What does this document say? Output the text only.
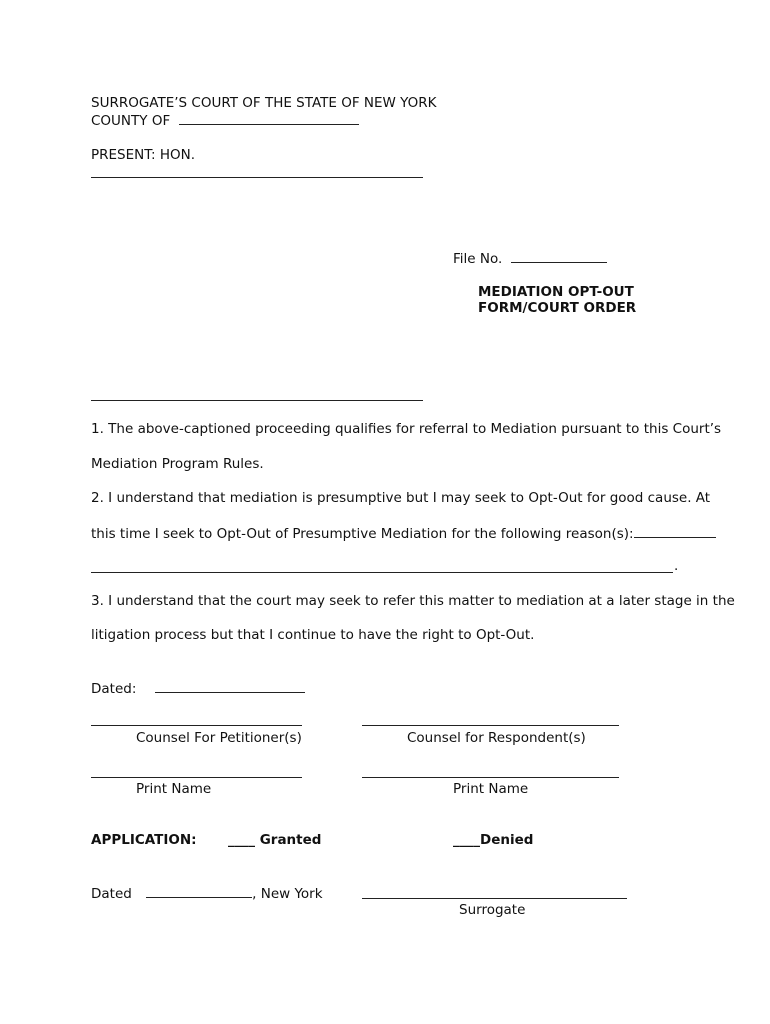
SURROGATE’S COURT OF THE STATE OF NEW YORK
COUNTY OF
PRESENT: HON.
File No.
MEDIATION OPT-OUT
FORM/COURT ORDER
1. The above-captioned proceeding qualifies for referral to Mediation pursuant to this Court’s
Mediation Program Rules.
2. I understand that mediation is presumptive but I may seek to Opt-Out for good cause. At
this time I seek to Opt-Out of Presumptive Mediation for the following reason(s):
.
3. I understand that the court may seek to refer this matter to mediation at a later stage in the
litigation process but that I continue to have the right to Opt-Out.
Dated:
Counsel For Petitioner(s)	Counsel for Respondent(s)
Print Name	Print Name
APPLICATION: ____ Granted	____Denied
Dated	, New York
Surrogate
